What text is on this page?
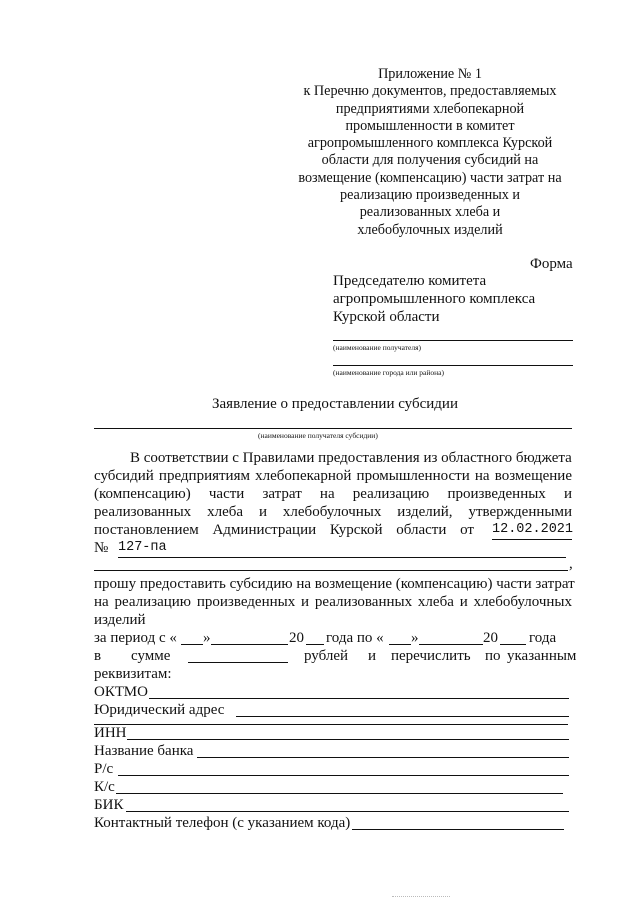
Приложение № 1
к Перечню документов, предоставляемых
предприятиями хлебопекарной
промышленности в комитет
агропромышленного комплекса Курской
области для получения субсидий на
возмещение (компенсацию) части затрат на
реализацию произведенных и
реализованных хлеба и
хлебобулочных изделий
Форма
Председателю комитета
агропромышленного комплекса
Курской области
(наименование получателя)
(наименование города или района)
Заявление о предоставлении субсидии
(наименование получателя субсидии)
В соответствии с Правилами предоставления из областного бюджета
субсидий предприятиям хлебопекарной промышленности на возмещение
(компенсацию) части затрат на реализацию произведенных и
реализованных хлеба и хлебобулочных изделий, утвержденными
постановлением Администрации Курской области от 12.02.2021
№ 127-па
,
прошу предоставить субсидию на возмещение (компенсацию) части затрат
на реализацию произведенных и реализованных хлеба и хлебобулочных
изделий
за период с « »	20 года по « »	20 года
в сумме	рублей и перечислить по указанным
реквизитам:
ОКТМО
Юридический адрес
ИНН
Название банка
Р/с
К/с
БИК
Контактный телефон (с указанием кода)
